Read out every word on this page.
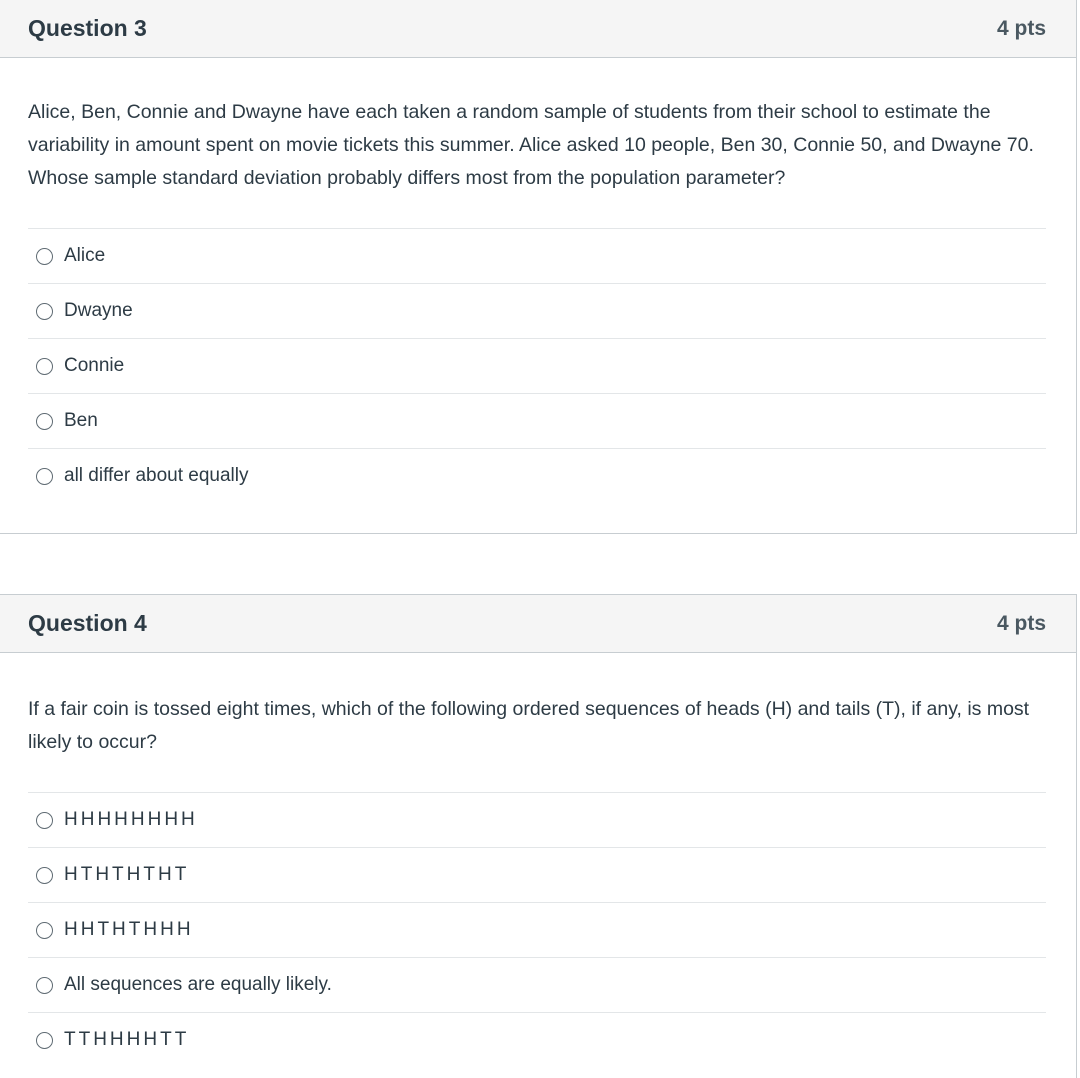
Question 3	4 pts

Alice, Ben, Connie and Dwayne have each taken a random sample of students from their school to estimate the variability in amount spent on movie tickets this summer. Alice asked 10 people, Ben 30, Connie 50, and Dwayne 70. Whose sample standard deviation probably differs most from the population parameter?

Alice
Dwayne
Connie
Ben
all differ about equally
Question 4	4 pts

If a fair coin is tossed eight times, which of the following ordered sequences of heads (H) and tails (T), if any, is most likely to occur?

HHHHHHHH
HTHTHTHT
HHTHTHHH
All sequences are equally likely.
TTHHHHTT
